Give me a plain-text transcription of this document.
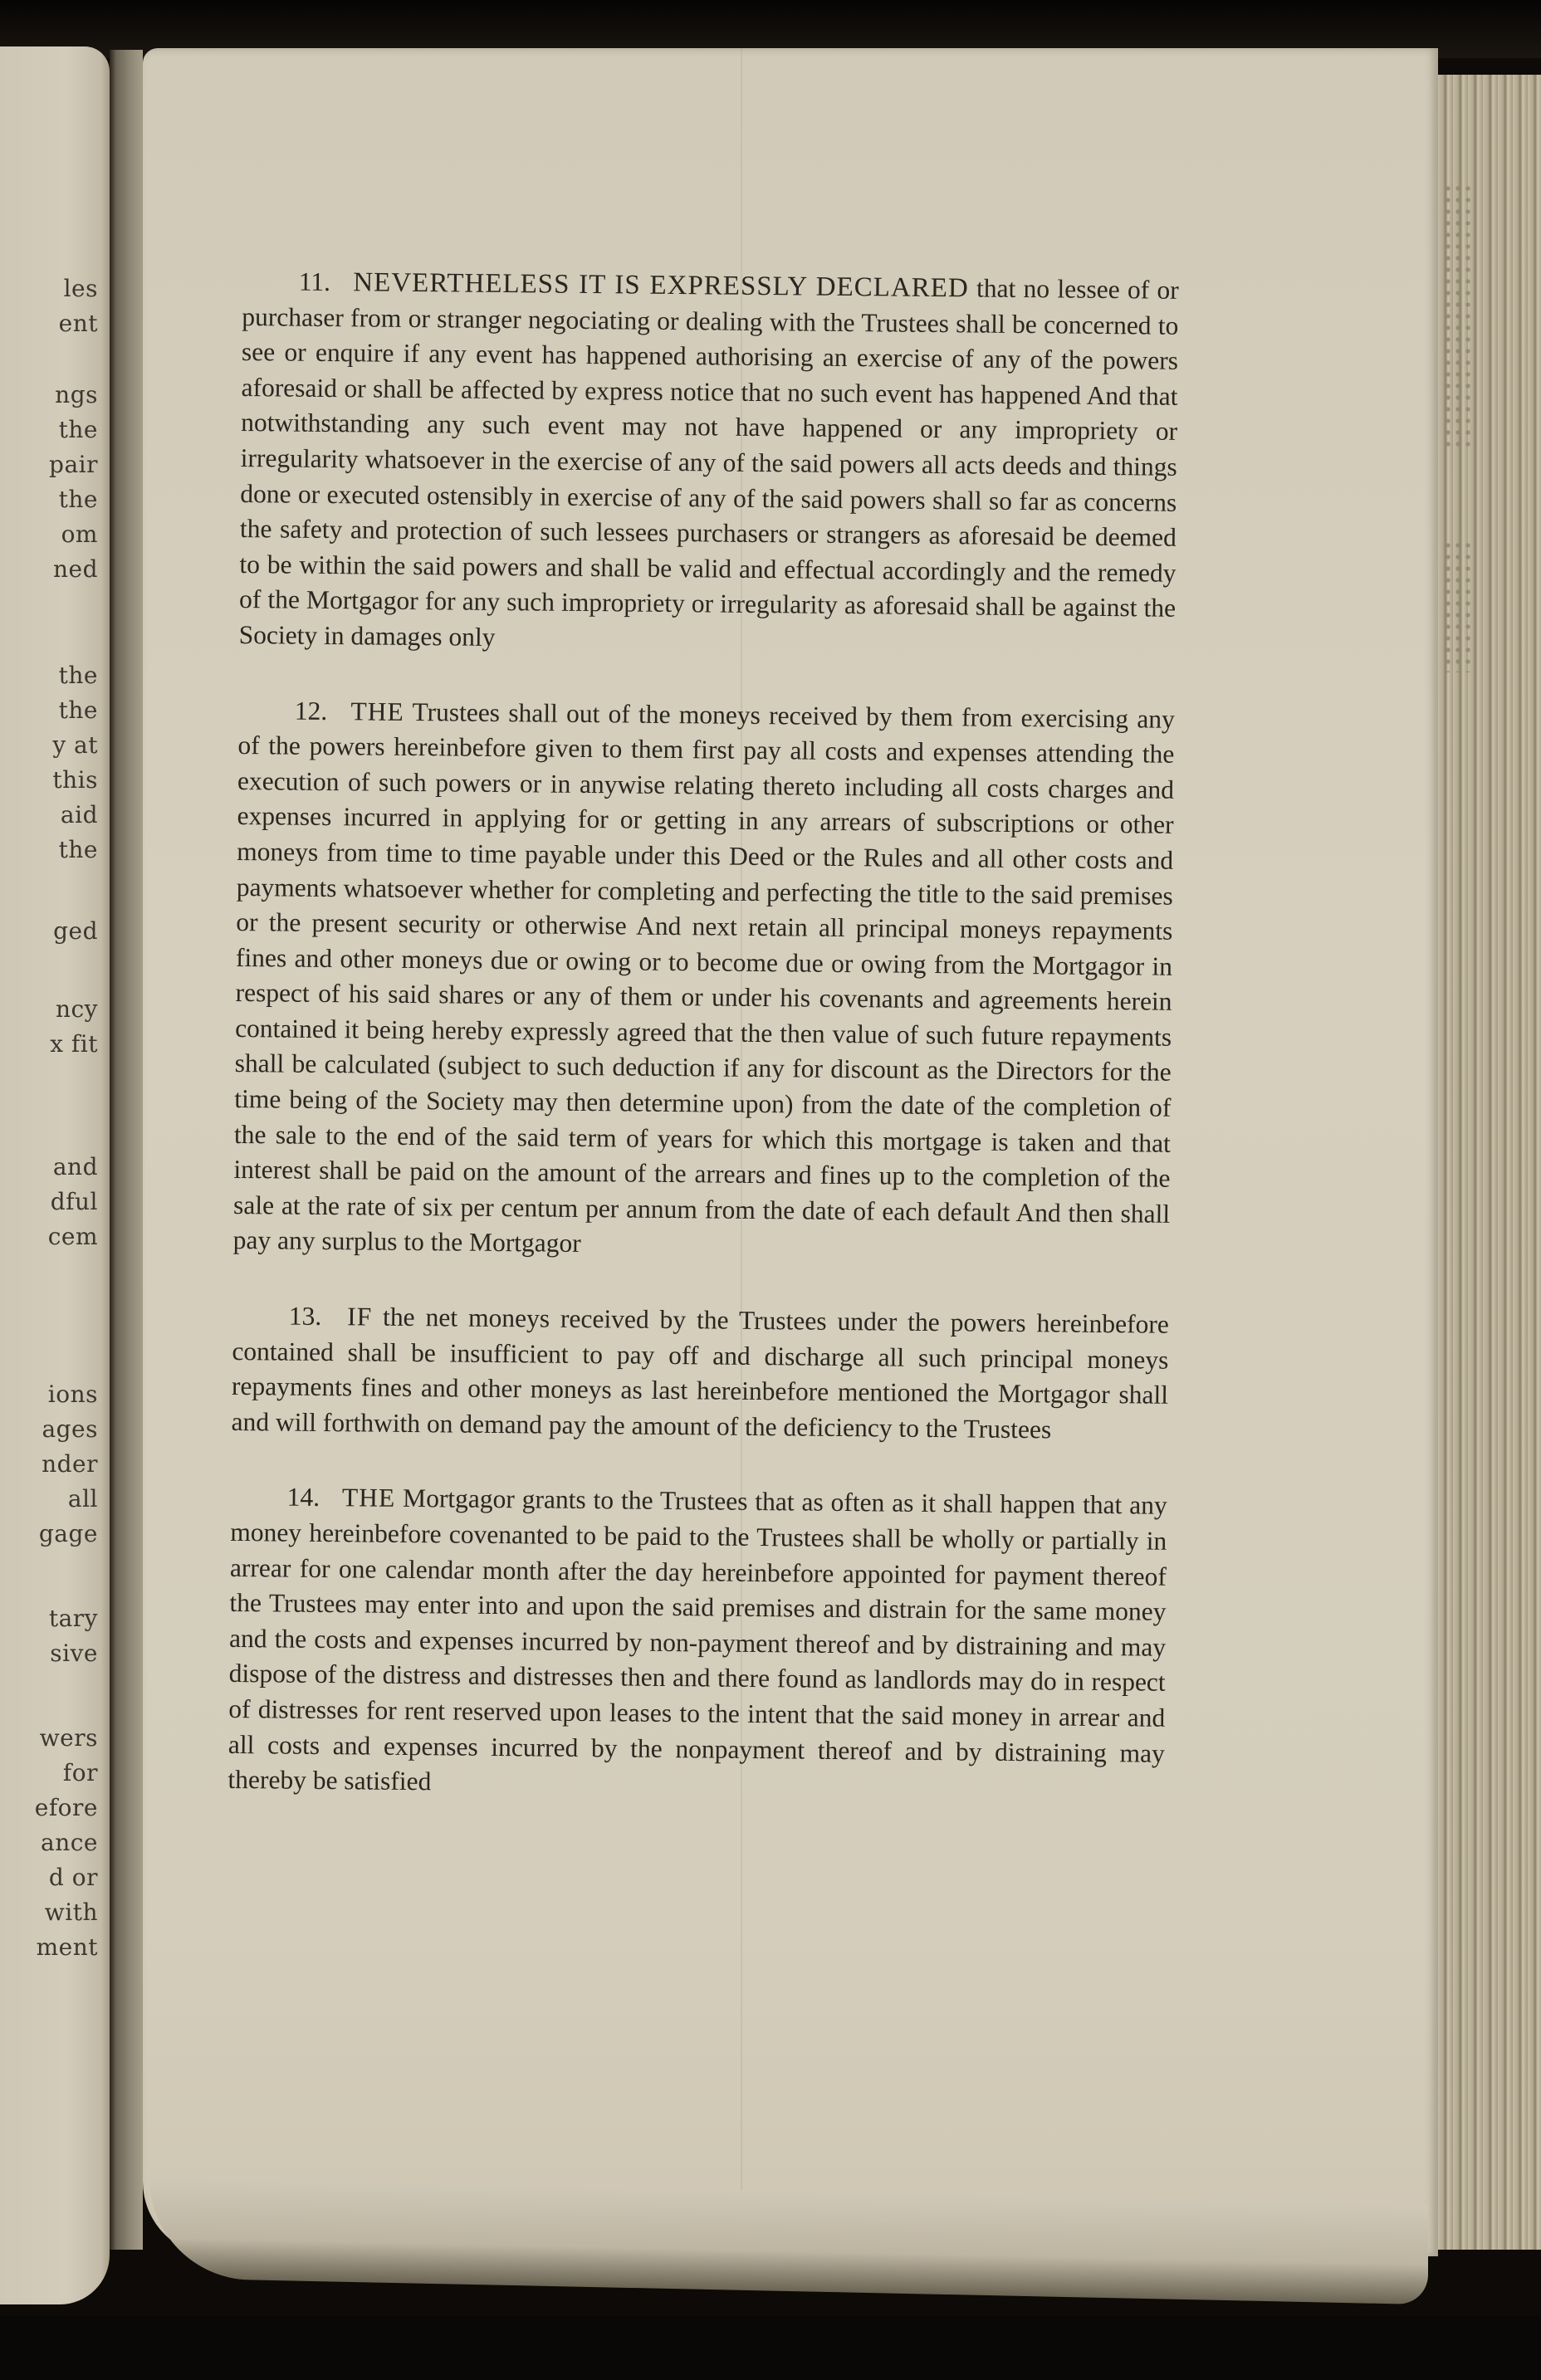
les
ent
ngs
the
pair
the
om
ned
the
the
y at
this
aid
the
ged
ncy
x fit
and
dful
cem
ions
ages
nder
all
gage
tary
sive
wers
for
efore
ance
d or
with
ment

11. NEVERTHELESS IT IS EXPRESSLY DECLARED that no lessee of or purchaser from or stranger negociating or dealing with the Trustees shall be concerned to see or enquire if any event has happened authorising an exercise of any of the powers aforesaid or shall be affected by express notice that no such event has happened And that notwithstanding any such event may not have happened or any impropriety or irregularity whatsoever in the exercise of any of the said powers all acts deeds and things done or executed ostensibly in exercise of any of the said powers shall so far as concerns the safety and protection of such lessees purchasers or strangers as aforesaid be deemed to be within the said powers and shall be valid and effectual accordingly and the remedy of the Mortgagor for any such impropriety or irregularity as aforesaid shall be against the Society in damages only

12. THE Trustees shall out of the moneys received by them from exercising any of the powers hereinbefore given to them first pay all costs and expenses attending the execution of such powers or in anywise relating thereto including all costs charges and expenses incurred in applying for or getting in any arrears of subscriptions or other moneys from time to time payable under this Deed or the Rules and all other costs and payments whatsoever whether for completing and perfecting the title to the said premises or the present security or otherwise And next retain all principal moneys repayments fines and other moneys due or owing or to become due or owing from the Mortgagor in respect of his said shares or any of them or under his covenants and agreements herein contained it being hereby expressly agreed that the then value of such future repayments shall be calculated (subject to such deduction if any for discount as the Directors for the time being of the Society may then determine upon) from the date of the completion of the sale to the end of the said term of years for which this mortgage is taken and that interest shall be paid on the amount of the arrears and fines up to the completion of the sale at the rate of six per centum per annum from the date of each default And then shall pay any surplus to the Mortgagor

13. IF the net moneys received by the Trustees under the powers hereinbefore contained shall be insufficient to pay off and discharge all such principal moneys repayments fines and other moneys as last hereinbefore mentioned the Mortgagor shall and will forthwith on demand pay the amount of the deficiency to the Trustees

14. THE Mortgagor grants to the Trustees that as often as it shall happen that any money hereinbefore covenanted to be paid to the Trustees shall be wholly or partially in arrear for one calendar month after the day hereinbefore appointed for payment thereof the Trustees may enter into and upon the said premises and distrain for the same money and the costs and expenses incurred by non-payment thereof and by distraining and may dispose of the distress and distresses then and there found as landlords may do in respect of distresses for rent reserved upon leases to the intent that the said money in arrear and all costs and expenses incurred by the nonpayment thereof and by distraining may thereby be satisfied
